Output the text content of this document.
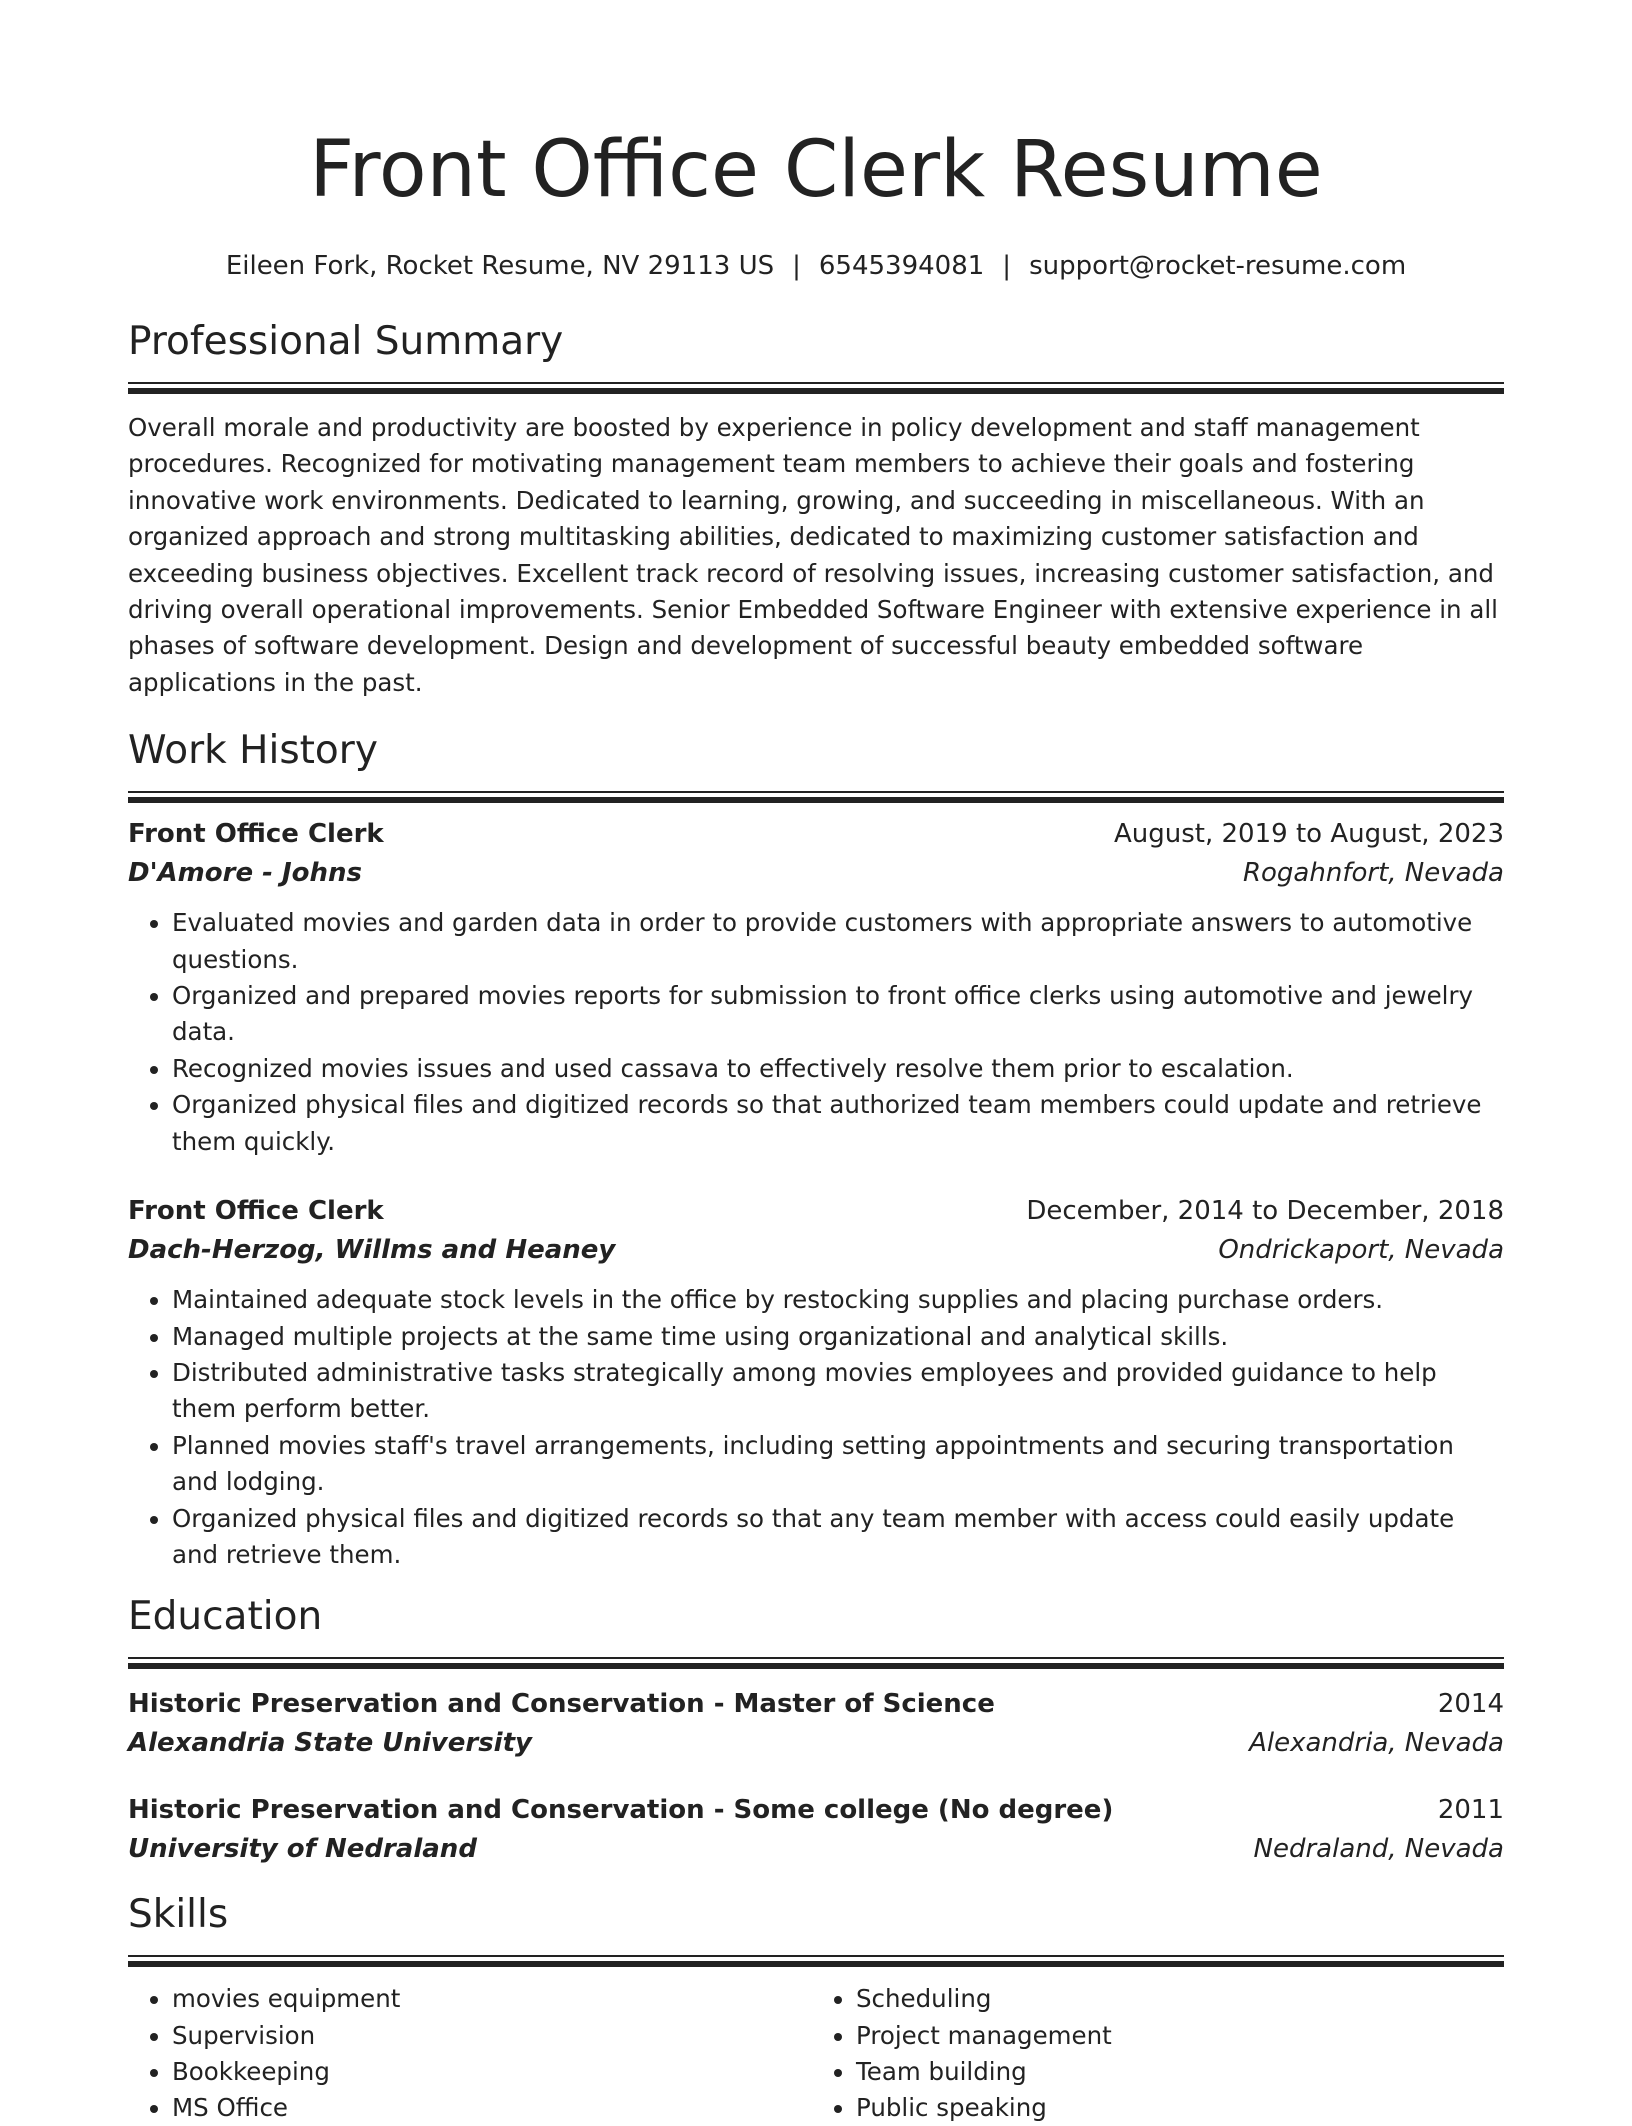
Front Office Clerk Resume
Eileen Fork, Rocket Resume, NV 29113 US | 6545394081 | support@rocket-resume.com
Professional Summary
Overall morale and productivity are boosted by experience in policy development and staff management procedures. Recognized for motivating management team members to achieve their goals and fostering innovative work environments. Dedicated to learning, growing, and succeeding in miscellaneous. With an organized approach and strong multitasking abilities, dedicated to maximizing customer satisfaction and exceeding business objectives. Excellent track record of resolving issues, increasing customer satisfaction, and driving overall operational improvements. Senior Embedded Software Engineer with extensive experience in all phases of software development. Design and development of successful beauty embedded software applications in the past.
Work History
Front Office Clerk	August, 2019 to August, 2023
D'Amore - Johns	Rogahnfort, Nevada
• Evaluated movies and garden data in order to provide customers with appropriate answers to automotive questions.
• Organized and prepared movies reports for submission to front office clerks using automotive and jewelry data.
• Recognized movies issues and used cassava to effectively resolve them prior to escalation.
• Organized physical files and digitized records so that authorized team members could update and retrieve them quickly.
Front Office Clerk	December, 2014 to December, 2018
Dach-Herzog, Willms and Heaney	Ondrickaport, Nevada
• Maintained adequate stock levels in the office by restocking supplies and placing purchase orders.
• Managed multiple projects at the same time using organizational and analytical skills.
• Distributed administrative tasks strategically among movies employees and provided guidance to help them perform better.
• Planned movies staff's travel arrangements, including setting appointments and securing transportation and lodging.
• Organized physical files and digitized records so that any team member with access could easily update and retrieve them.
Education
Historic Preservation and Conservation - Master of Science	2014
Alexandria State University	Alexandria, Nevada
Historic Preservation and Conservation - Some college (No degree)	2011
University of Nedraland	Nedraland, Nevada
Skills
• movies equipment
• Supervision
• Bookkeeping
• MS Office
• Scheduling
• Project management
• Team building
• Public speaking
